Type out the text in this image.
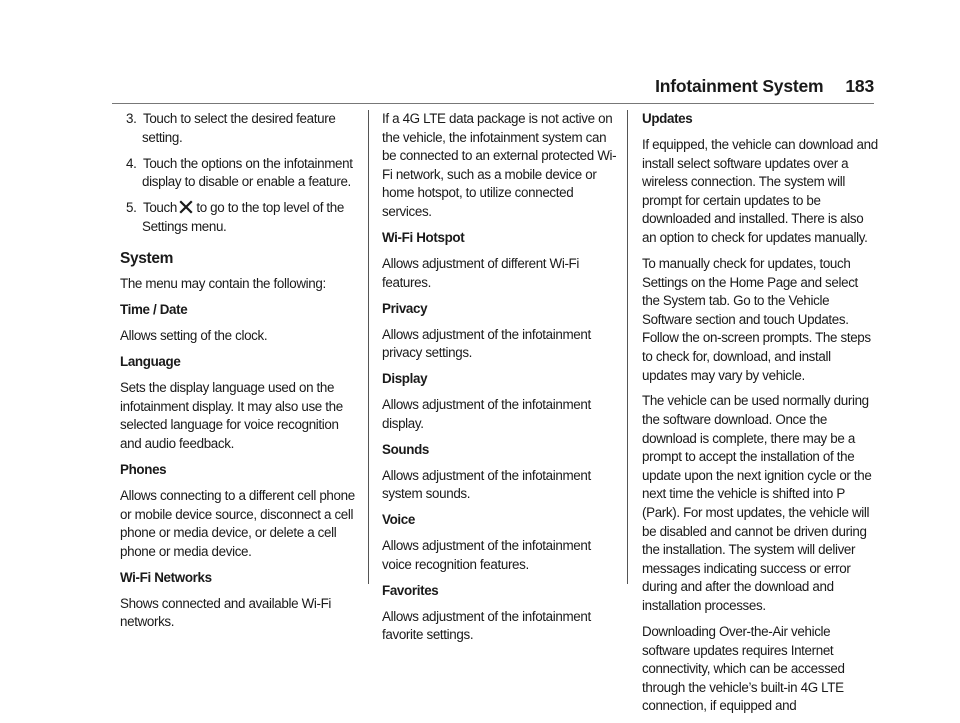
Infotainment System 183
3. Touch to select the desired feature setting.
4. Touch the options on the infotainment display to disable or enable a feature.
5. Touch to go to the top level of the Settings menu.
System

The menu may contain the following:

Time / Date

Allows setting of the clock.

Language

Sets the display language used on the infotainment display. It may also use the selected language for voice recognition and audio feedback.

Phones

Allows connecting to a different cell phone or mobile device source, disconnect a cell phone or media device, or delete a cell phone or media device.

Wi-Fi Networks

Shows connected and available Wi-Fi networks.

If a 4G LTE data package is not active on the vehicle, the infotainment system can be connected to an external protected Wi-Fi network, such as a mobile device or home hotspot, to utilize connected services.

Wi-Fi Hotspot

Allows adjustment of different Wi-Fi features.

Privacy

Allows adjustment of the infotainment privacy settings.

Display

Allows adjustment of the infotainment display.

Sounds

Allows adjustment of the infotainment system sounds.

Voice

Allows adjustment of the infotainment voice recognition features.

Favorites

Allows adjustment of the infotainment favorite settings.

Updates

If equipped, the vehicle can download and install select software updates over a wireless connection. The system will prompt for certain updates to be downloaded and installed. There is also an option to check for updates manually.

To manually check for updates, touch Settings on the Home Page and select the System tab. Go to the Vehicle Software section and touch Updates. Follow the on-screen prompts. The steps to check for, download, and install updates may vary by vehicle.

The vehicle can be used normally during the software download. Once the download is complete, there may be a prompt to accept the installation of the update upon the next ignition cycle or the next time the vehicle is shifted into P (Park). For most updates, the vehicle will be disabled and cannot be driven during the installation. The system will deliver messages indicating success or error during and after the download and installation processes.

Downloading Over-the-Air vehicle software updates requires Internet connectivity, which can be accessed through the vehicle’s built-in 4G LTE connection, if equipped and
